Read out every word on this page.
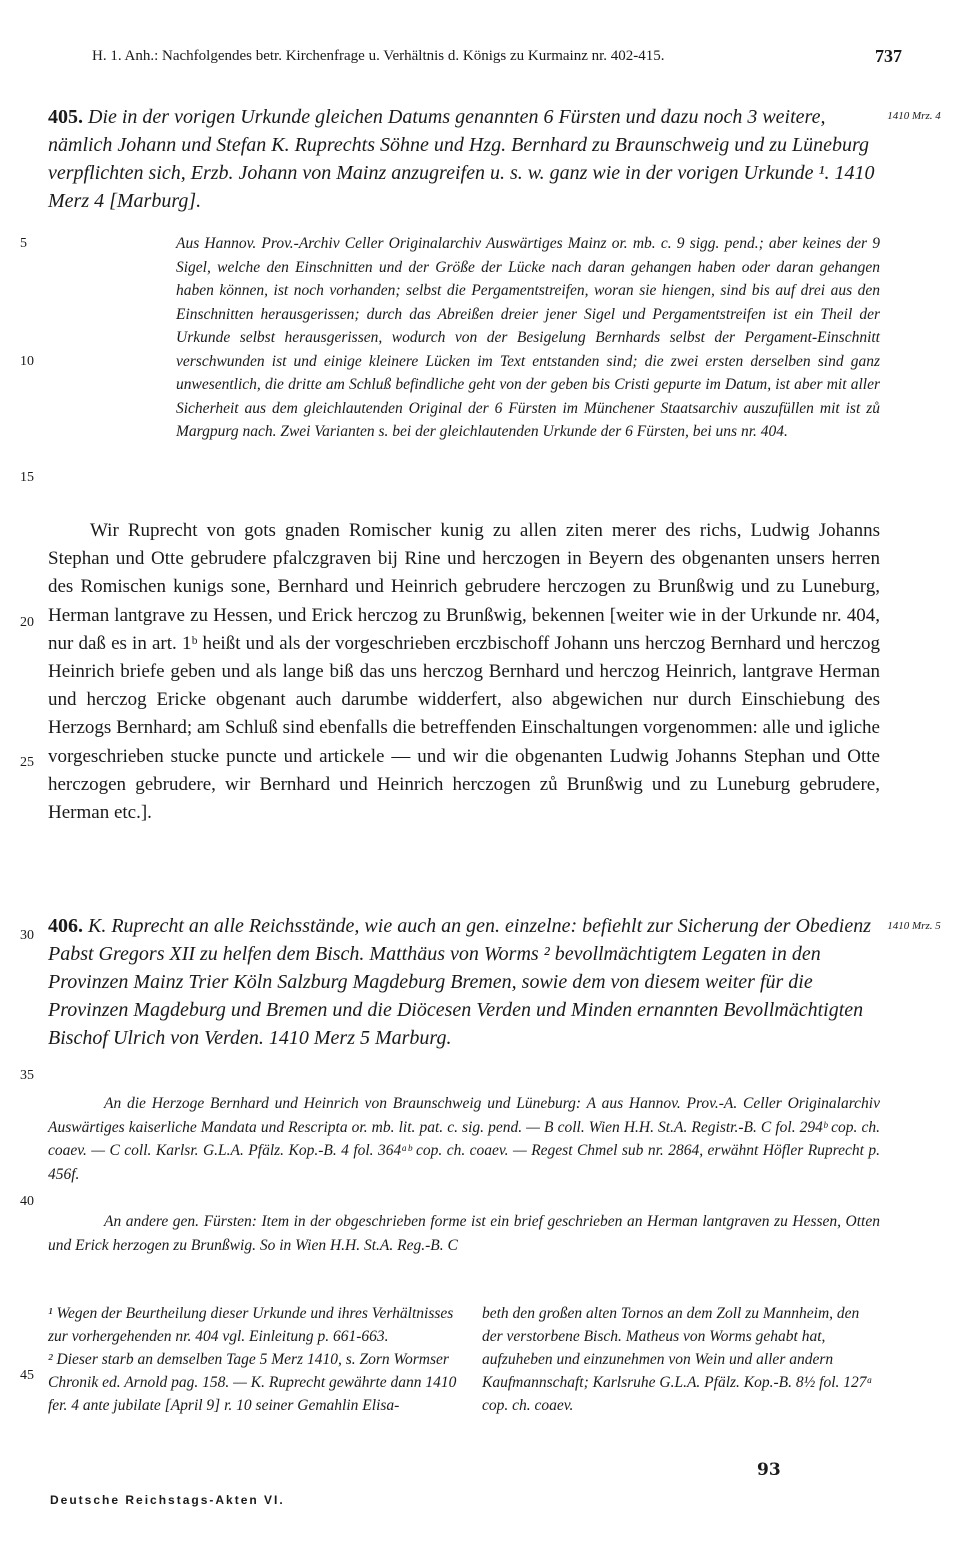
H. 1. Anh.: Nachfolgendes betr. Kirchenfrage u. Verhältnis d. Königs zu Kurmainz nr. 402-415.	737
405. Die in der vorigen Urkunde gleichen Datums genannten 6 Fürsten und dazu noch 3 weitere, nämlich Johann und Stefan K. Ruprechts Söhne und Hzg. Bernhard zu Braunschweig und zu Lüneburg verpflichten sich, Erzb. Johann von Mainz anzugreifen u. s. w. ganz wie in der vorigen Urkunde ¹. 1410 Merz 4 [Marburg].
1410 Mrz. 4
Aus Hannov. Prov.-Archiv Celler Originalarchiv Auswärtiges Mainz or. mb. c. 9 sigg. pend.; aber keines der 9 Sigel, welche den Einschnitten und der Größe der Lücke nach daran gehangen haben oder daran gehangen haben können, ist noch vorhanden; selbst die Pergamentstreifen, woran sie hiengen, sind bis auf drei aus den Einschnitten herausgerissen; durch das Abreißen dreier jener Sigel und Pergamentstreifen ist ein Theil der Urkunde selbst herausgerissen, wodurch von der Besigelung Bernhards selbst der Pergament-Einschnitt verschwunden ist und einige kleinere Lücken im Text entstanden sind; die zwei ersten derselben sind ganz unwesentlich, die dritte am Schluß befindliche geht von der geben bis Cristi gepurte im Datum, ist aber mit aller Sicherheit aus dem gleichlautenden Original der 6 Fürsten im Münchener Staatsarchiv auszufüllen mit ist zů Margpurg nach. Zwei Varianten s. bei der gleichlautenden Urkunde der 6 Fürsten, bei uns nr. 404.
Wir Ruprecht von gots gnaden Romischer kunig zu allen ziten merer des richs, Ludwig Johanns Stephan und Otte gebrudere pfalczgraven bij Rine und herczogen in Beyern des obgenanten unsers herren des Romischen kunigs sone, Bernhard und Heinrich gebrudere herczogen zu Brunßwig und zu Luneburg, Herman lantgrave zu Hessen, und Erick herczog zu Brunßwig, bekennen [weiter wie in der Urkunde nr. 404, nur daß es in art. 1ᵇ heißt und als der vorgeschrieben erczbischoff Johann uns herczog Bernhard und herczog Heinrich briefe geben und als lange biß das uns herczog Bernhard und herczog Heinrich, lantgrave Herman und herczog Ericke obgenant auch darumbe widderfert, also abgewichen nur durch Einschiebung des Herzogs Bernhard; am Schluß sind ebenfalls die betreffenden Einschaltungen vorgenommen: alle und igliche vorgeschrieben stucke puncte und artickele — und wir die obgenanten Ludwig Johanns Stephan und Otte herczogen gebrudere, wir Bernhard und Heinrich herczogen zů Brunßwig und zu Luneburg gebrudere, Herman etc.].
406. K. Ruprecht an alle Reichsstände, wie auch an gen. einzelne: befiehlt zur Sicherung der Obedienz Pabst Gregors XII zu helfen dem Bisch. Matthäus von Worms ² bevollmächtigtem Legaten in den Provinzen Mainz Trier Köln Salzburg Magdeburg Bremen, sowie dem von diesem weiter für die Provinzen Magdeburg und Bremen und die Diöcesen Verden und Minden ernannten Bevollmächtigten Bischof Ulrich von Verden. 1410 Merz 5 Marburg.
1410 Mrz. 5
An die Herzoge Bernhard und Heinrich von Braunschweig und Lüneburg: A aus Hannov. Prov.-A. Celler Originalarchiv Auswärtiges kaiserliche Mandata und Rescripta or. mb. lit. pat. c. sig. pend. — B coll. Wien H.H. St.A. Registr.-B. C fol. 294ᵇ cop. ch. coaev. — C coll. Karlsr. G.L.A. Pfälz. Kop.-B. 4 fol. 364ᵃᵇ cop. ch. coaev. — Regest Chmel sub nr. 2864, erwähnt Höfler Ruprecht p. 456f.
An andere gen. Fürsten: Item in der obgeschrieben forme ist ein brief geschrieben an Herman lantgraven zu Hessen, Otten und Erick herzogen zu Brunßwig. So in Wien H.H. St.A. Reg.-B. C
5
10
15
20
25
30
35
40
45
¹ Wegen der Beurtheilung dieser Urkunde und ihres Verhältnisses zur vorhergehenden nr. 404 vgl. Einleitung p. 661-663.
² Dieser starb an demselben Tage 5 Merz 1410, s. Zorn Wormser Chronik ed. Arnold pag. 158. — K. Ruprecht gewährte dann 1410 fer. 4 ante jubilate [April 9] r. 10 seiner Gemahlin Elisa-
beth den großen alten Tornos an dem Zoll zu Mannheim, den der verstorbene Bisch. Matheus von Worms gehabt hat, aufzuheben und einzunehmen von Wein und aller andern Kaufmannschaft; Karlsruhe G.L.A. Pfälz. Kop.-B. 8½ fol. 127ᵃ cop. ch. coaev.
Deutsche Reichstags-Akten VI.
93
